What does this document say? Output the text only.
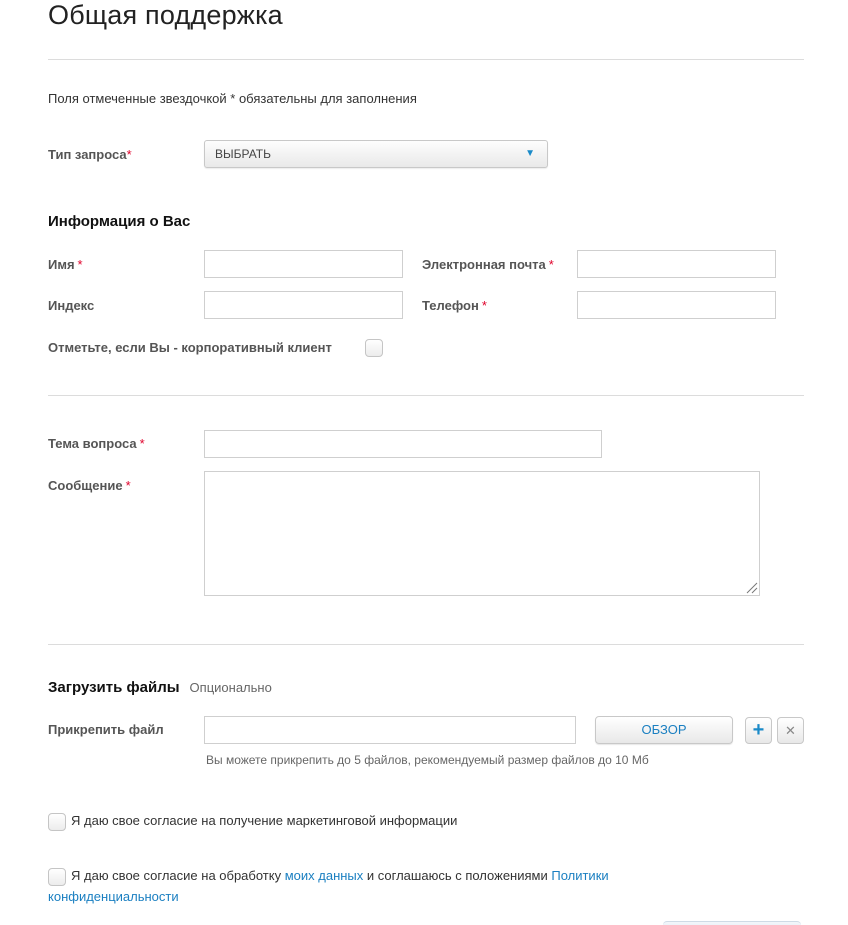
Общая поддержка
Поля отмеченные звездочкой * обязательны для заполнения
Тип запроса*	ВЫБРАТЬ	▼
Информация о Вас
Имя *	Электронная почта *
Индекс	Телефон *
Отметьте, если Вы - корпоративный клиент
Тема вопроса *
Сообщение *
Загрузить файлы Опционально
Прикрепить файл	ОБЗОР	+	✕
Вы можете прикрепить до 5 файлов, рекомендуемый размер файлов до 10 Мб
Я даю свое согласие на получение маркетинговой информации
Я даю свое согласие на обработку моих данных и соглашаюсь с положениями Политики конфиденциальности
